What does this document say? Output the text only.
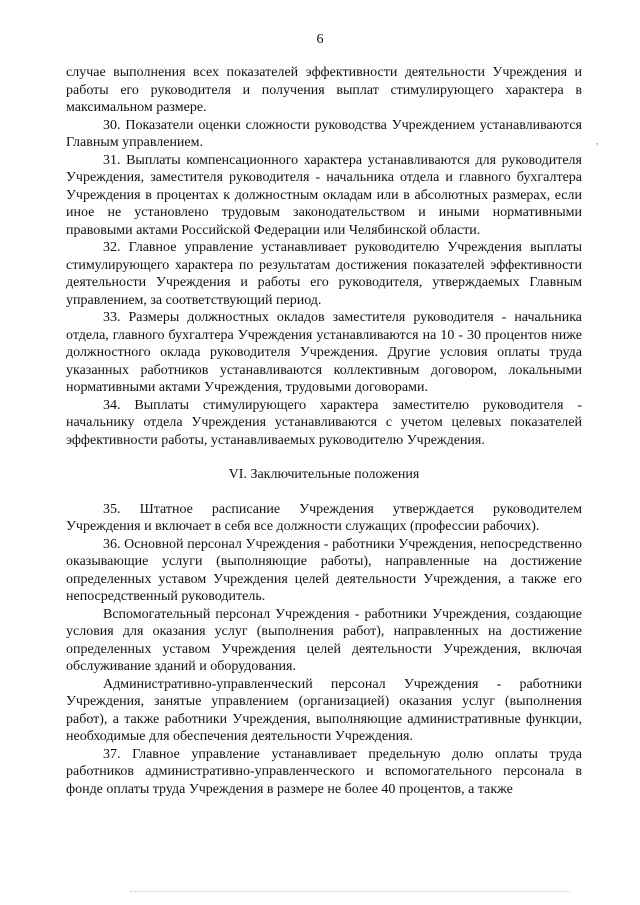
6
,

случае выполнения всех показателей эффективности деятельности Учреждения и работы его руководителя и получения выплат стимулирующего характера в максимальном размере.

30. Показатели оценки сложности руководства Учреждением устанавливаются Главным управлением.

31. Выплаты компенсационного характера устанавливаются для руководителя Учреждения, заместителя руководителя - начальника отдела и главного бухгалтера Учреждения в процентах к должностным окладам или в абсолютных размерах, если иное не установлено трудовым законодательством и иными нормативными правовыми актами Российской Федерации или Челябинской области.

32. Главное управление устанавливает руководителю Учреждения выплаты стимулирующего характера по результатам достижения показателей эффективности деятельности Учреждения и работы его руководителя, утверждаемых Главным управлением, за соответствующий период.

33. Размеры должностных окладов заместителя руководителя - начальника отдела, главного бухгалтера Учреждения устанавливаются на 10 - 30 процентов ниже должностного оклада руководителя Учреждения. Другие условия оплаты труда указанных работников устанавливаются коллективным договором, локальными нормативными актами Учреждения, трудовыми договорами.

34. Выплаты стимулирующего характера заместителю руководителя - начальнику отдела Учреждения устанавливаются с учетом целевых показателей эффективности работы, устанавливаемых руководителю Учреждения.

VI. Заключительные положения

35. Штатное расписание Учреждения утверждается руководителем Учреждения и включает в себя все должности служащих (профессии рабочих).

36. Основной персонал Учреждения - работники Учреждения, непосредственно оказывающие услуги (выполняющие работы), направленные на достижение определенных уставом Учреждения целей деятельности Учреждения, а также его непосредственный руководитель.

Вспомогательный персонал Учреждения - работники Учреждения, создающие условия для оказания услуг (выполнения работ), направленных на достижение определенных уставом Учреждения целей деятельности Учреждения, включая обслуживание зданий и оборудования.

Административно-управленческий персонал Учреждения - работники Учреждения, занятые управлением (организацией) оказания услуг (выполнения работ), а также работники Учреждения, выполняющие административные функции, необходимые для обеспечения деятельности Учреждения.

37. Главное управление устанавливает предельную долю оплаты труда работников административно-управленческого и вспомогательного персонала в фонде оплаты труда Учреждения в размере не более 40 процентов, а также
